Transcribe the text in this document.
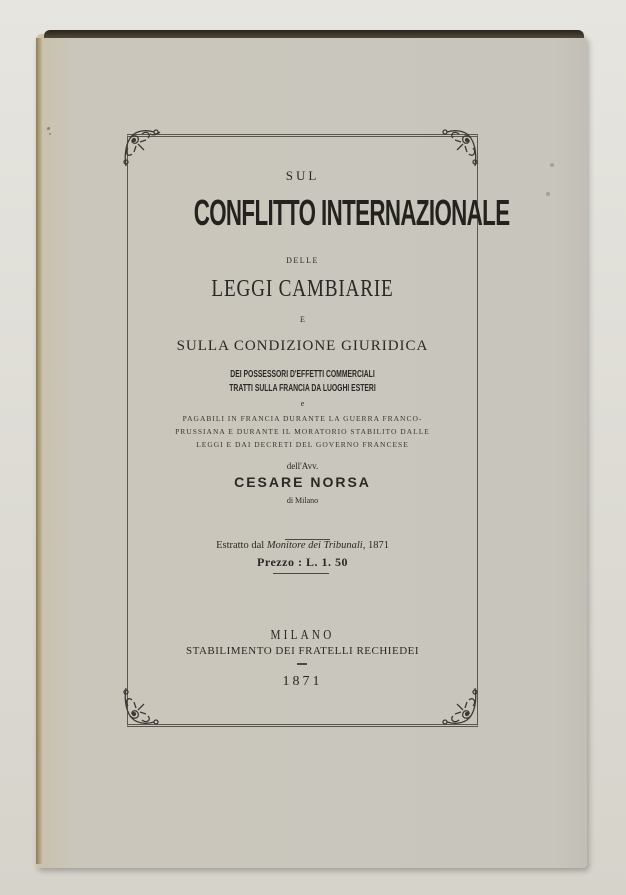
SUL
CONFLITTO INTERNAZIONALE
DELLE
LEGGI CAMBIARIE
E
SULLA CONDIZIONE GIURIDICA
DEI POSSESSORI D'EFFETTI COMMERCIALI
TRATTI SULLA FRANCIA DA LUOGHI ESTERI
e
PAGABILI IN FRANCIA DURANTE LA GUERRA FRANCO-
PRUSSIANA E DURANTE IL MORATORIO STABILITO DALLE
LEGGI E DAI DECRETI DEL GOVERNO FRANCESE
dell'Avv.
CESARE NORSA
di Milano
Estratto dal Monitore dei Tribunali, 1871
Prezzo : L. 1. 50
MILANO
STABILIMENTO DEI FRATELLI RECHIEDEI
1871
